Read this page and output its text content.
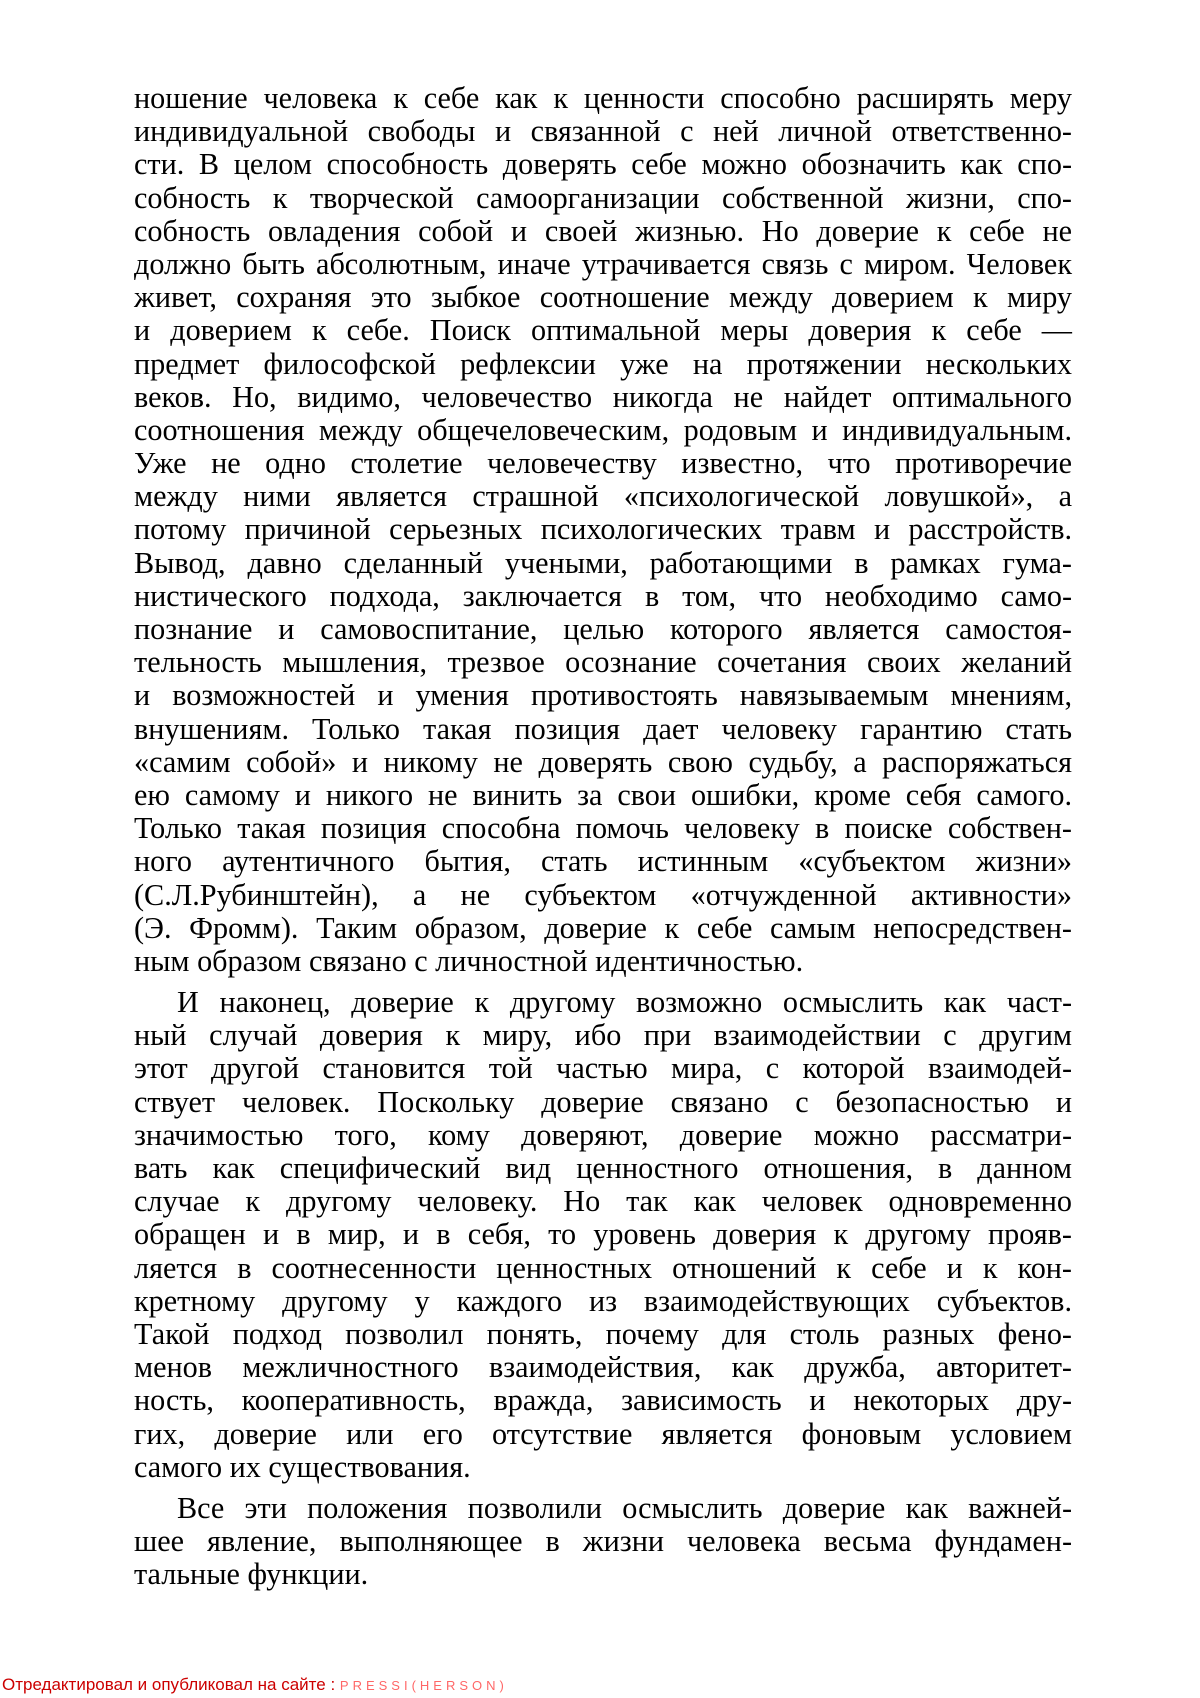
ношение человека к себе как к ценности способно расширять меру
индивидуальной свободы и связанной с ней личной ответственно-
сти. В целом способность доверять себе можно обозначить как спо-
собность к творческой самоорганизации собственной жизни, спо-
собность овладения собой и своей жизнью. Но доверие к себе не
должно быть абсолютным, иначе утрачивается связь с миром. Человек
живет, сохраняя это зыбкое соотношение между доверием к миру
и доверием к себе. Поиск оптимальной меры доверия к себе —
предмет философской рефлексии уже на протяжении нескольких
веков. Но, видимо, человечество никогда не найдет оптимального
соотношения между общечеловеческим, родовым и индивидуальным.
Уже не одно столетие человечеству известно, что противоречие
между ними является страшной «психологической ловушкой», а
потому причиной серьезных психологических травм и расстройств.
Вывод, давно сделанный учеными, работающими в рамках гума-
нистического подхода, заключается в том, что необходимо само-
познание и самовоспитание, целью которого является самостоя-
тельность мышления, трезвое осознание сочетания своих желаний
и возможностей и умения противостоять навязываемым мнениям,
внушениям. Только такая позиция дает человеку гарантию стать
«самим собой» и никому не доверять свою судьбу, а распоряжаться
ею самому и никого не винить за свои ошибки, кроме себя самого.
Только такая позиция способна помочь человеку в поиске собствен-
ного аутентичного бытия, стать истинным «субъектом жизни»
(С.Л.Рубинштейн), а не субъектом «отчужденной активности»
(Э. Фромм). Таким образом, доверие к себе самым непосредствен-
ным образом связано с личностной идентичностью.
И наконец, доверие к другому возможно осмыслить как част-
ный случай доверия к миру, ибо при взаимодействии с другим
этот другой становится той частью мира, с которой взаимодей-
ствует человек. Поскольку доверие связано с безопасностью и
значимостью того, кому доверяют, доверие можно рассматри-
вать как специфический вид ценностного отношения, в данном
случае к другому человеку. Но так как человек одновременно
обращен и в мир, и в себя, то уровень доверия к другому прояв-
ляется в соотнесенности ценностных отношений к себе и к кон-
кретному другому у каждого из взаимодействующих субъектов.
Такой подход позволил понять, почему для столь разных фено-
менов межличностного взаимодействия, как дружба, авторитет-
ность, кооперативность, вражда, зависимость и некоторых дру-
гих, доверие или его отсутствие является фоновым условием
самого их существования.
Все эти положения позволили осмыслить доверие как важней-
шее явление, выполняющее в жизни человека весьма фундамен-
тальные функции.
Отредактировал и опубликовал на сайте : PRESSI(HERSON)
